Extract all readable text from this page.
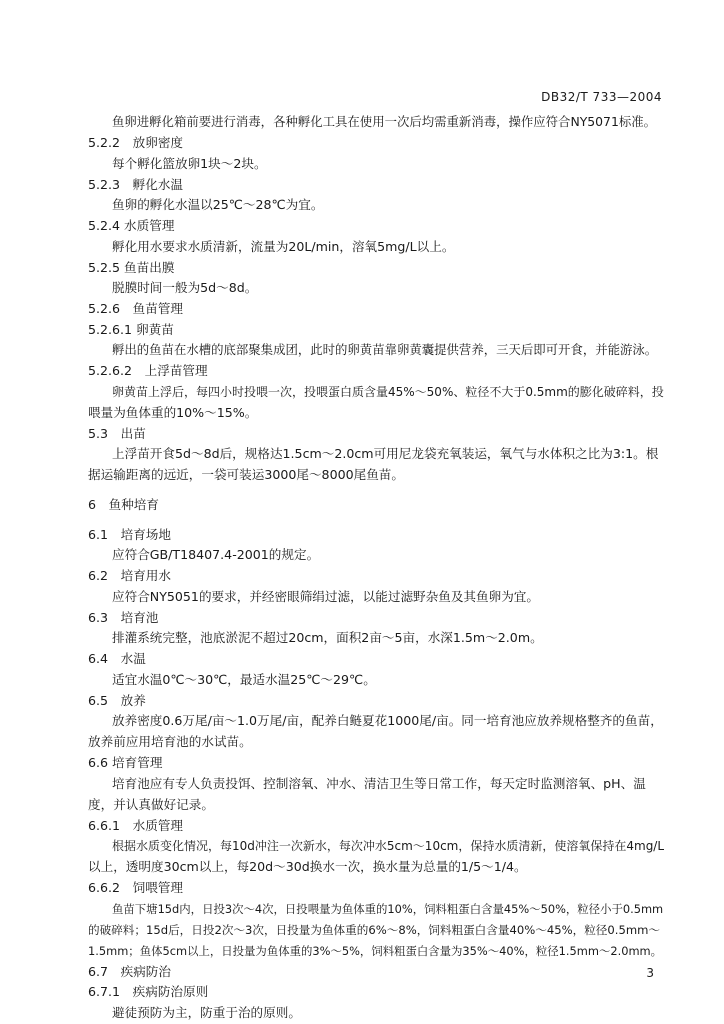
DB32/T 733—2004

鱼卵进孵化箱前要进行消毒，各种孵化工具在使用一次后均需重新消毒，操作应符合NY5071标准。

5.2.2　放卵密度

每个孵化篮放卵1块～2块。

5.2.3　孵化水温

鱼卵的孵化水温以25℃～28℃为宜。

5.2.4 水质管理

孵化用水要求水质清新，流量为20L/min，溶氧5mg/L以上。

5.2.5 鱼苗出膜

脱膜时间一般为5d～8d。

5.2.6　鱼苗管理

5.2.6.1 卵黄苗

孵出的鱼苗在水槽的底部聚集成团，此时的卵黄苗靠卵黄囊提供营养，三天后即可开食，并能游泳。

5.2.6.2　上浮苗管理

卵黄苗上浮后，每四小时投喂一次，投喂蛋白质含量45%～50%、粒径不大于0.5mm的膨化破碎料，投

喂量为鱼体重的10%～15%。

5.3　出苗

上浮苗开食5d～8d后，规格达1.5cm～2.0cm可用尼龙袋充氧装运，氧气与水体积之比为3:1。根

据运输距离的远近，一袋可装运3000尾～8000尾鱼苗。

6　鱼种培育

6.1　培育场地

应符合GB/T18407.4-2001的规定。

6.2　培育用水

应符合NY5051的要求，并经密眼筛绢过滤，以能过滤野杂鱼及其鱼卵为宜。

6.3　培育池

排灌系统完整，池底淤泥不超过20cm，面积2亩～5亩，水深1.5m～2.0m。

6.4　水温

适宜水温0℃～30℃，最适水温25℃～29℃。

6.5　放养

放养密度0.6万尾/亩～1.0万尾/亩，配养白鲢夏花1000尾/亩。同一培育池应放养规格整齐的鱼苗，

放养前应用培育池的水试苗。

6.6 培育管理

培育池应有专人负责投饵、控制溶氧、冲水、清洁卫生等日常工作，每天定时监测溶氧、pH、温

度，并认真做好记录。

6.6.1　水质管理

根据水质变化情况，每10d冲注一次新水，每次冲水5cm～10cm，保持水质清新，使溶氧保持在4mg/L

以上，透明度30cm以上，每20d～30d换水一次，换水量为总量的1/5～1/4。

6.6.2　饲喂管理

鱼苗下塘15d内，日投3次～4次，日投喂量为鱼体重的10%，饲料粗蛋白含量45%～50%，粒径小于0.5mm

的破碎料；15d后，日投2次～3次，日投量为鱼体重的6%～8%，饲料粗蛋白含量40%～45%，粒径0.5mm～

1.5mm；鱼体5cm以上，日投量为鱼体重的3%～5%，饲料粗蛋白含量为35%～40%，粒径1.5mm～2.0mm。

6.7　疾病防治

6.7.1　疾病防治原则

避徒预防为主，防重于治的原则。

3
